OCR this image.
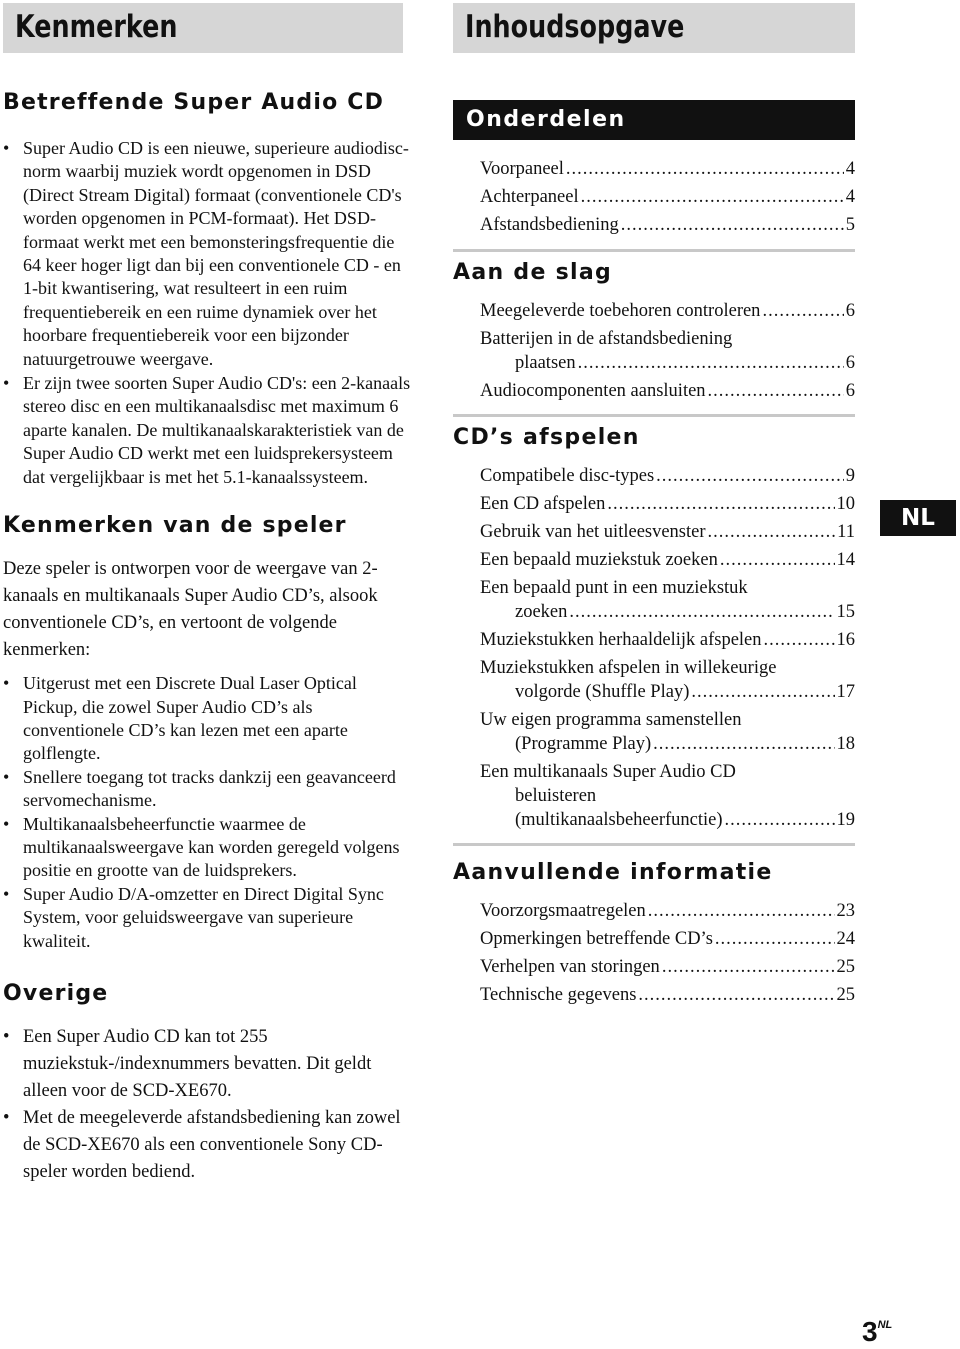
Kenmerken	Inhoudsopgave
Betreffende Super Audio CD
• Super Audio CD is een nieuwe, superieure audiodisc-norm waarbij muziek wordt opgenomen in DSD (Direct Stream Digital) formaat (conventionele CD's worden opgenomen in PCM-formaat). Het DSD-formaat werkt met een bemonsteringsfrequentie die 64 keer hoger ligt dan bij een conventionele CD - en 1-bit kwantisering, wat resulteert in een ruim frequentiebereik en een ruime dynamiek over het hoorbare frequentiebereik voor een bijzonder natuurgetrouwe weergave.
• Er zijn twee soorten Super Audio CD's: een 2-kanaals stereo disc en een multikanaalsdisc met maximum 6 aparte kanalen. De multikanaalskarakteristiek van de Super Audio CD werkt met een luidsprekersysteem dat vergelijkbaar is met het 5.1-kanaalssysteem.
Kenmerken van de speler

Deze speler is ontworpen voor de weergave van 2-kanaals en multikanaals Super Audio CD’s, alsook conventionele CD’s, en vertoont de volgende kenmerken:

• Uitgerust met een Discrete Dual Laser Optical Pickup, die zowel Super Audio CD’s als conventionele CD’s kan lezen met een aparte golflengte.
• Snellere toegang tot tracks dankzij een geavanceerd servomechanisme.
• Multikanaalsbeheerfunctie waarmee de multikanaalsweergave kan worden geregeld volgens positie en grootte van de luidsprekers.
• Super Audio D/A-omzetter en Direct Digital Sync System, voor geluidsweergave van superieure kwaliteit.
Overige
• Een Super Audio CD kan tot 255 muziekstuk-/indexnummers bevatten. Dit geldt alleen voor de SCD-XE670.
• Met de meegeleverde afstandsbediening kan zowel de SCD-XE670 als een conventionele Sony CD-speler worden bediend.
Onderdelen
Voorpaneel .....	4
Achterpaneel .....	4
Afstandsbediening .....	5
Aan de slag
Meegeleverde toebehoren controleren .....	6
Batterijen in de afstandsbediening
plaatsen .....	6
Audiocomponenten aansluiten .....	6
CD’s afspelen
Compatibele disc-types .....	9
Een CD afspelen .....	10
Gebruik van het uitleesvenster .....	11
Een bepaald muziekstuk zoeken .....	14
Een bepaald punt in een muziekstuk
zoeken .....	15
Muziekstukken herhaaldelijk afspelen .....	16
Muziekstukken afspelen in willekeurige
volgorde (Shuffle Play) .....	17
Uw eigen programma samenstellen
(Programme Play) .....	18
Een multikanaals Super Audio CD
beluisteren
(multikanaalsbeheerfunctie) .....	19
Aanvullende informatie
Voorzorgsmaatregelen .....	23
Opmerkingen betreffende CD’s .....	24
Verhelpen van storingen .....	25
Technische gegevens .....	25
NL
$3^{NL}$
